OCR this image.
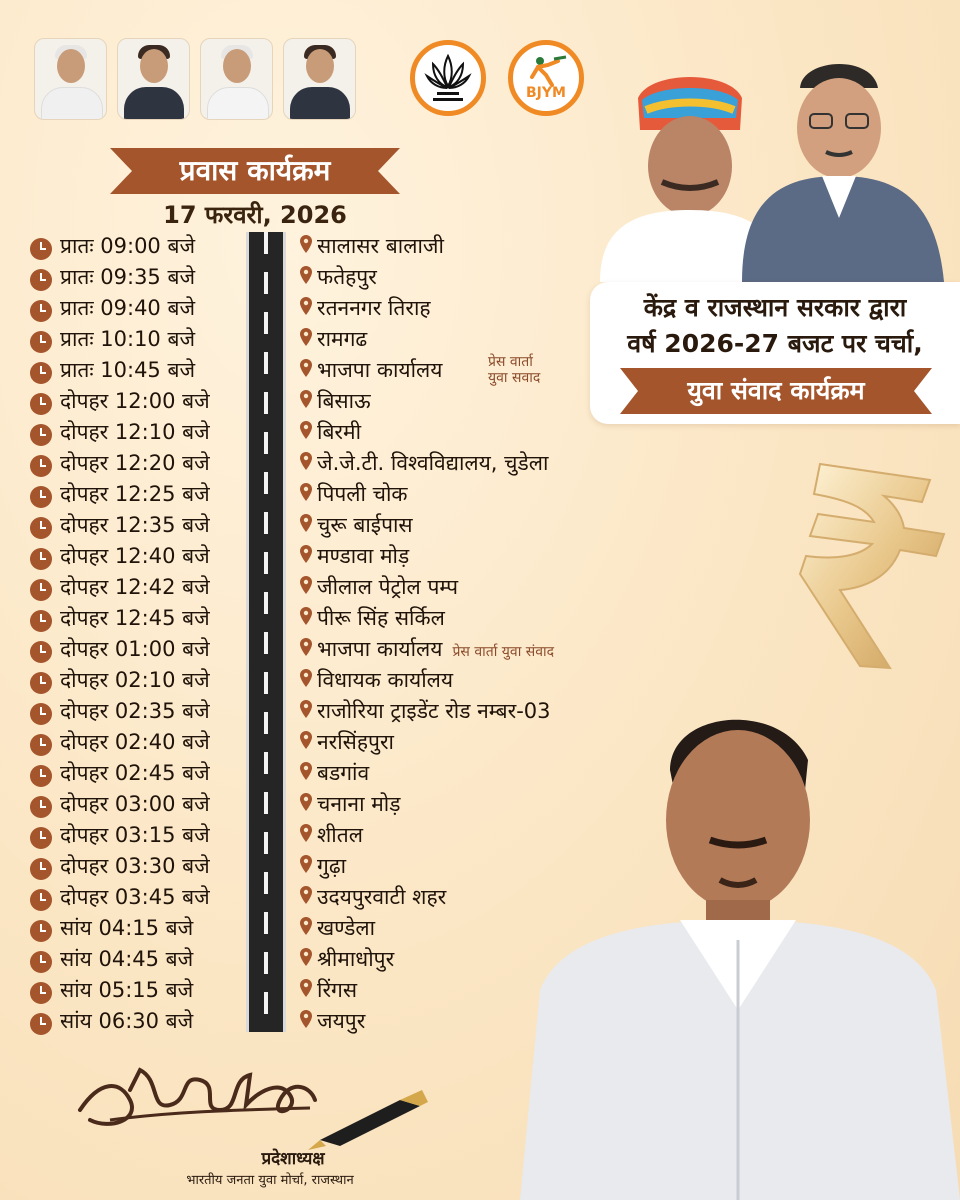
BJYM
प्रवास कार्यक्रम
17 फरवरी, 2026
प्रातः 09:00 बजे	सालासर बालाजी
प्रातः 09:35 बजे	फतेहपुर
प्रातः 09:40 बजे	रतननगर तिराह
प्रातः 10:10 बजे	रामगढ
प्रातः 10:45 बजे	भाजपा कार्यालय	प्रेस वार्ता
युवा सवाद
दोपहर 12:00 बजे	बिसाऊ
दोपहर 12:10 बजे	बिरमी
दोपहर 12:20 बजे	जे.जे.टी. विश्वविद्यालय, चुडेला
दोपहर 12:25 बजे	पिपली चोक
दोपहर 12:35 बजे	चुरू बाईपास
दोपहर 12:40 बजे	मण्डावा मोड़
दोपहर 12:42 बजे	जीलाल पेट्रोल पम्प
दोपहर 12:45 बजे	पीरू सिंह सर्किल
दोपहर 01:00 बजे	भाजपा कार्यालय प्रेस वार्ता युवा संवाद
दोपहर 02:10 बजे	विधायक कार्यालय
दोपहर 02:35 बजे	राजोरिया ट्राइडेंट रोड नम्बर-03
दोपहर 02:40 बजे	नरसिंहपुरा
दोपहर 02:45 बजे	बडगांव
दोपहर 03:00 बजे	चनाना मोड़
दोपहर 03:15 बजे	शीतल
दोपहर 03:30 बजे	गुढ़ा
दोपहर 03:45 बजे	उदयपुरवाटी शहर
सांय 04:15 बजे	खण्डेला
सांय 04:45 बजे	श्रीमाधोपुर
सांय 05:15 बजे	रिंगस
सांय 06:30 बजे	जयपुर
केंद्र व राजस्थान सरकार द्वारा
वर्ष 2026-27 बजट पर चर्चा,
युवा संवाद कार्यक्रम
प्रदेशाध्यक्ष
भारतीय जनता युवा मोर्चा, राजस्थान
